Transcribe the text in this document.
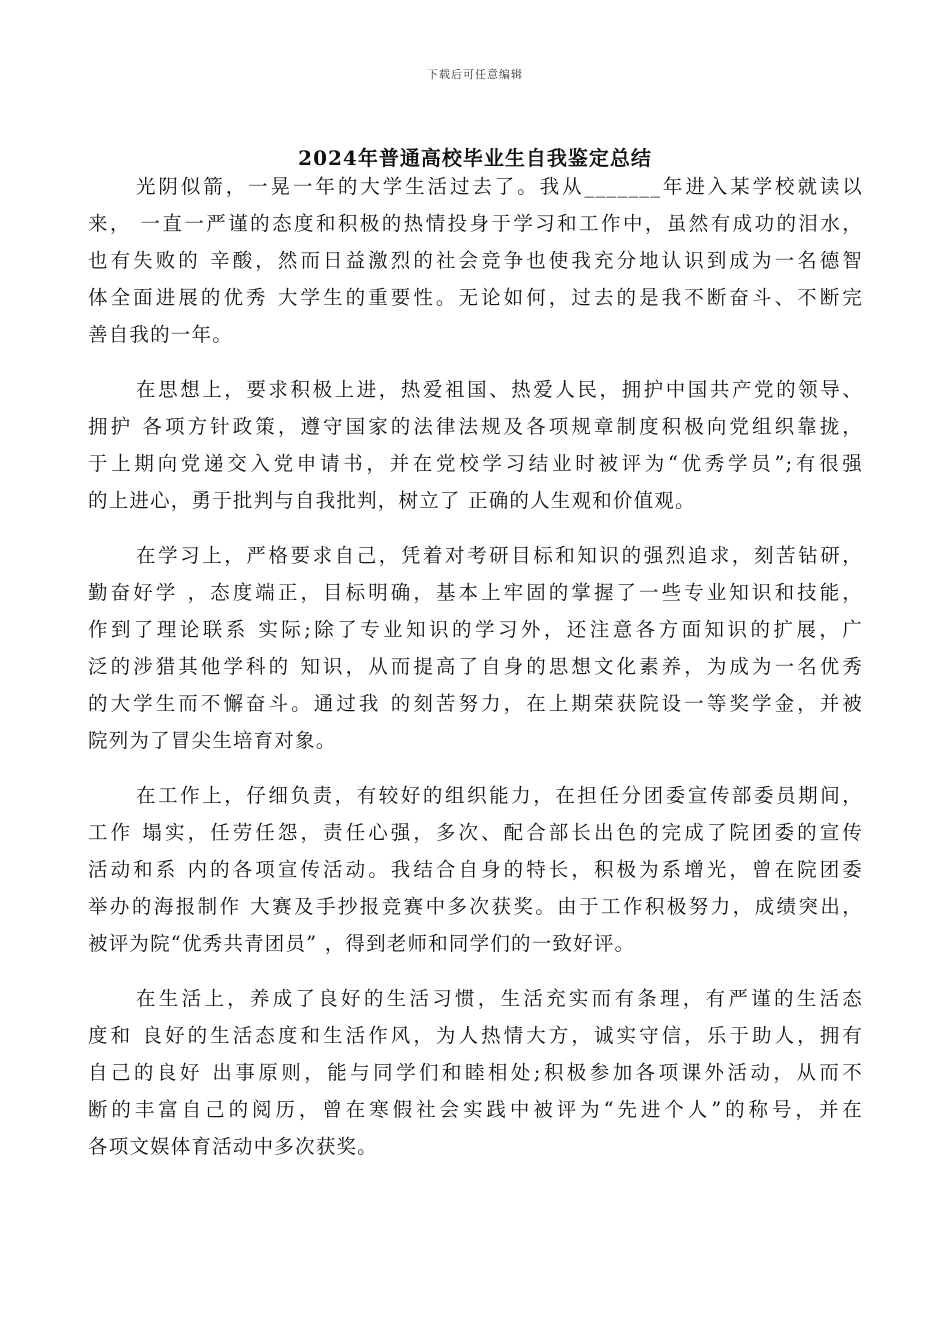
下载后可任意编辑
2024年普通高校毕业生自我鉴定总结
光阴似箭，一晃一年的大学生活过去了。我从_______年进入某学校就读以
来， 一直一严谨的态度和积极的热情投身于学习和工作中，虽然有成功的泪水，
也有失败的 辛酸，然而日益激烈的社会竞争也使我充分地认识到成为一名德智
体全面进展的优秀 大学生的重要性。无论如何，过去的是我不断奋斗、不断完
善自我的一年。
在思想上，要求积极上进，热爱祖国、热爱人民，拥护中国共产党的领导、
拥护 各项方针政策，遵守国家的法律法规及各项规章制度积极向党组织靠拢，
于上期向党递交入党申请书，并在党校学习结业时被评为“优秀学员”;有很强
的上进心，勇于批判与自我批判，树立了 正确的人生观和价值观。
在学习上，严格要求自己，凭着对考研目标和知识的强烈追求，刻苦钻研，
勤奋好学 ，态度端正，目标明确，基本上牢固的掌握了一些专业知识和技能，
作到了理论联系 实际;除了专业知识的学习外，还注意各方面知识的扩展，广
泛的涉猎其他学科的 知识，从而提高了自身的思想文化素养，为成为一名优秀
的大学生而不懈奋斗。通过我 的刻苦努力，在上期荣获院设一等奖学金，并被
院列为了冒尖生培育对象。
在工作上，仔细负责，有较好的组织能力，在担任分团委宣传部委员期间，
工作 塌实，任劳任怨，责任心强，多次、配合部长出色的完成了院团委的宣传
活动和系 内的各项宣传活动。我结合自身的特长，积极为系增光，曾在院团委
举办的海报制作 大赛及手抄报竞赛中多次获奖。由于工作积极努力，成绩突出，
被评为院“优秀共青团员” ，得到老师和同学们的一致好评。
在生活上，养成了良好的生活习惯，生活充实而有条理，有严谨的生活态
度和 良好的生活态度和生活作风，为人热情大方，诚实守信，乐于助人，拥有
自己的良好 出事原则，能与同学们和睦相处;积极参加各项课外活动，从而不
断的丰富自己的阅历，曾在寒假社会实践中被评为“先进个人”的称号，并在
各项文娱体育活动中多次获奖。
